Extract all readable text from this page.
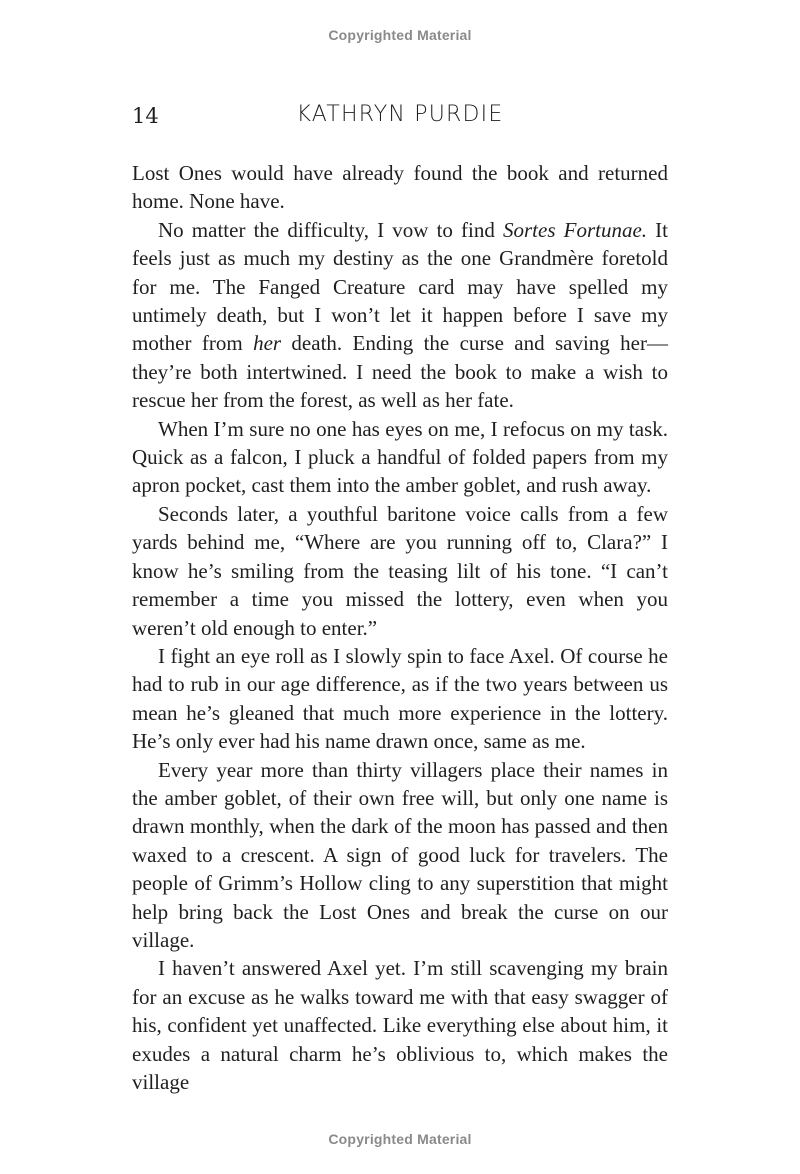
Copyrighted Material
14	KATHRYN PURDIE

Lost Ones would have already found the book and returned home. None have.

No matter the difficulty, I vow to find Sortes Fortunae. It feels just as much my destiny as the one Grandmère foretold for me. The Fanged Creature card may have spelled my untimely death, but I won’t let it happen before I save my mother from her death. Ending the curse and saving her—they’re both intertwined. I need the book to make a wish to rescue her from the forest, as well as her fate.

When I’m sure no one has eyes on me, I refocus on my task. Quick as a falcon, I pluck a handful of folded papers from my apron pocket, cast them into the amber goblet, and rush away.

Seconds later, a youthful baritone voice calls from a few yards behind me, “Where are you running off to, Clara?” I know he’s smiling from the teasing lilt of his tone. “I can’t remember a time you missed the lottery, even when you weren’t old enough to enter.”

I fight an eye roll as I slowly spin to face Axel. Of course he had to rub in our age difference, as if the two years between us mean he’s gleaned that much more experience in the lottery. He’s only ever had his name drawn once, same as me.

Every year more than thirty villagers place their names in the amber goblet, of their own free will, but only one name is drawn monthly, when the dark of the moon has passed and then waxed to a crescent. A sign of good luck for travelers. The people of Grimm’s Hollow cling to any superstition that might help bring back the Lost Ones and break the curse on our village.

I haven’t answered Axel yet. I’m still scavenging my brain for an excuse as he walks toward me with that easy swagger of his, confident yet unaffected. Like everything else about him, it exudes a natural charm he’s oblivious to, which makes the village

Copyrighted Material
